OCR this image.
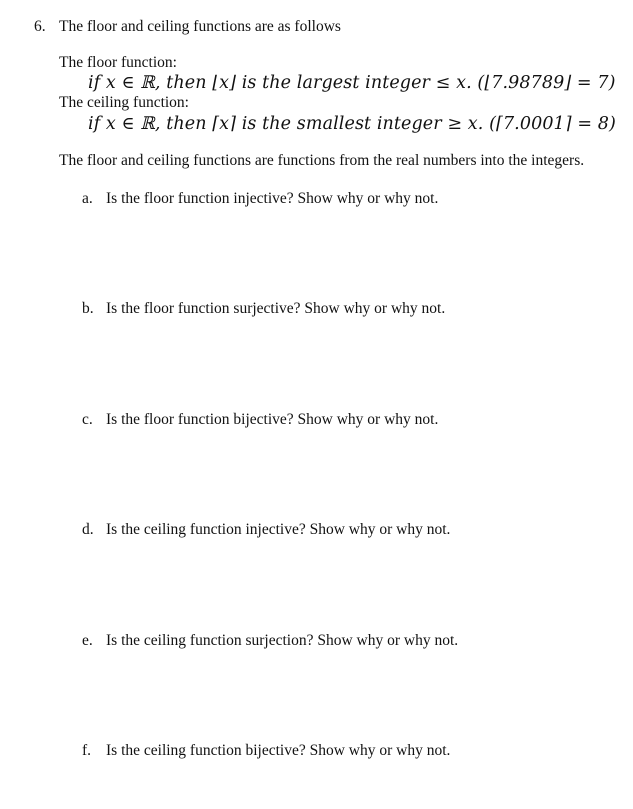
6. The floor and ceiling functions are as follows
The floor function:
if x ∈ ℝ, then ⌊x⌋ is the largest integer ≤ x. (⌊7.98789⌋ = 7)
The ceiling function:
if x ∈ ℝ, then ⌈x⌉ is the smallest integer ≥ x. (⌈7.0001⌉ = 8)
The floor and ceiling functions are functions from the real numbers into the integers.
a. Is the floor function injective? Show why or why not.
b. Is the floor function surjective? Show why or why not.
c. Is the floor function bijective? Show why or why not.
d. Is the ceiling function injective? Show why or why not.
e. Is the ceiling function surjection? Show why or why not.
f. Is the ceiling function bijective? Show why or why not.
